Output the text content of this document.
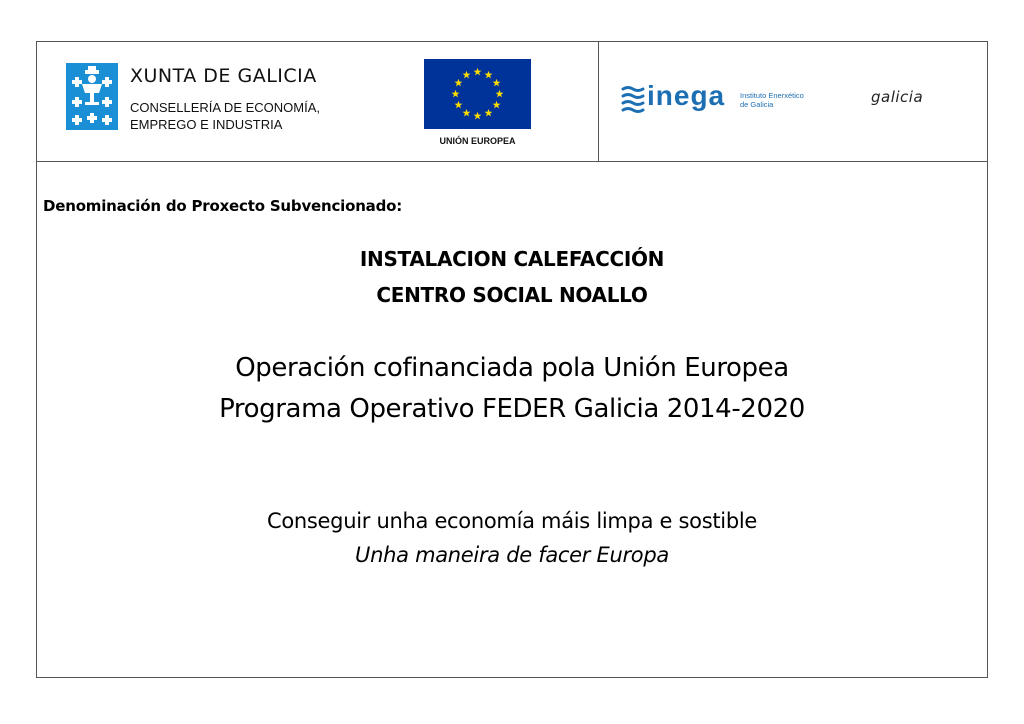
XUNTA DE GALICIA
CONSELLERÍA DE ECONOMÍA,
EMPREGO E INDUSTRIA
UNIÓN EUROPEA
inega Instituto Enerxético
de Galicia	galicia
Denominación do Proxecto Subvencionado:
INSTALACION CALEFACCIÓN
CENTRO SOCIAL NOALLO
Operación cofinanciada pola Unión Europea
Programa Operativo FEDER Galicia 2014-2020
Conseguir unha economía máis limpa e sostible
Unha maneira de facer Europa
